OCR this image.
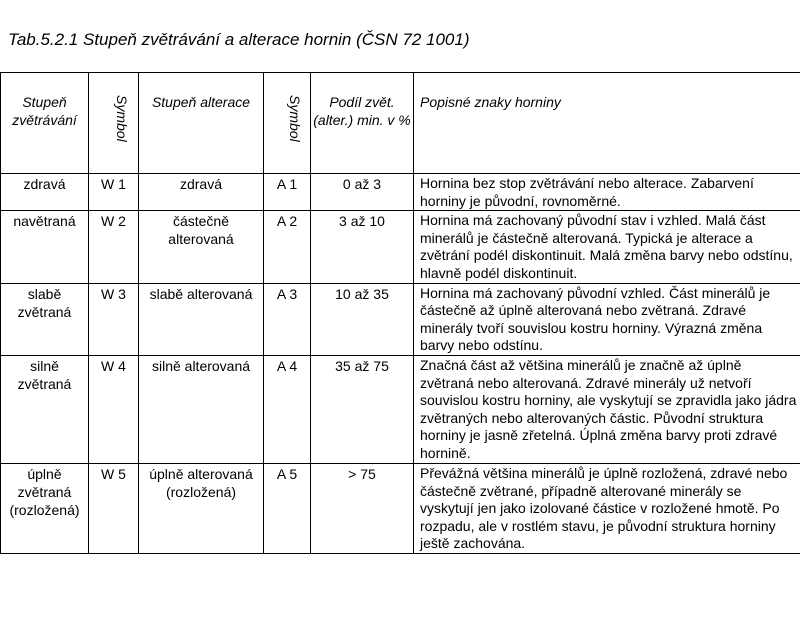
Tab.5.2.1 Stupeň zvětrávání a alterace hornin (ČSN 72 1001)
Stupeň zvětrávání	Symbol	Stupeň alterace	Symbol	Podíl zvět. (alter.) min. v %	Popisné znaky horniny
zdravá	W 1	zdravá	A 1	0 až 3	Hornina bez stop zvětrávání nebo alterace. Zabarvení horniny je původní, rovnoměrné.
navětraná	W 2	částečně alterovaná	A 2	3 až 10	Hornina má zachovaný původní stav i vzhled. Malá část minerálů je částečně alterovaná. Typická je alterace a zvětrání podél diskontinuit. Malá změna barvy nebo odstínu, hlavně podél diskontinuit.
slabě zvětraná	W 3	slabě alterovaná	A 3	10 až 35	Hornina má zachovaný původní vzhled. Část minerálů je částečně až úplně alterovaná nebo zvětraná. Zdravé minerály tvoří souvislou kostru horniny. Výrazná změna barvy nebo odstínu.
silně zvětraná	W 4	silně alterovaná	A 4	35 až 75	Značná část až většina minerálů je značně až úplně zvětraná nebo alterovaná. Zdravé minerály už netvoří souvislou kostru horniny, ale vyskytují se zpravidla jako jádra zvětraných nebo alterovaných částic. Původní struktura horniny je jasně zřetelná. Úplná změna barvy proti zdravé hornině.
úplně zvětraná (rozložená)	W 5	úplně alterovaná (rozložená)	A 5	> 75	Převážná většina minerálů je úplně rozložená, zdravé nebo částečně zvětrané, případně alterované minerály se vyskytují jen jako izolované částice v rozložené hmotě. Po rozpadu, ale v rostlém stavu, je původní struktura horniny ještě zachována.
